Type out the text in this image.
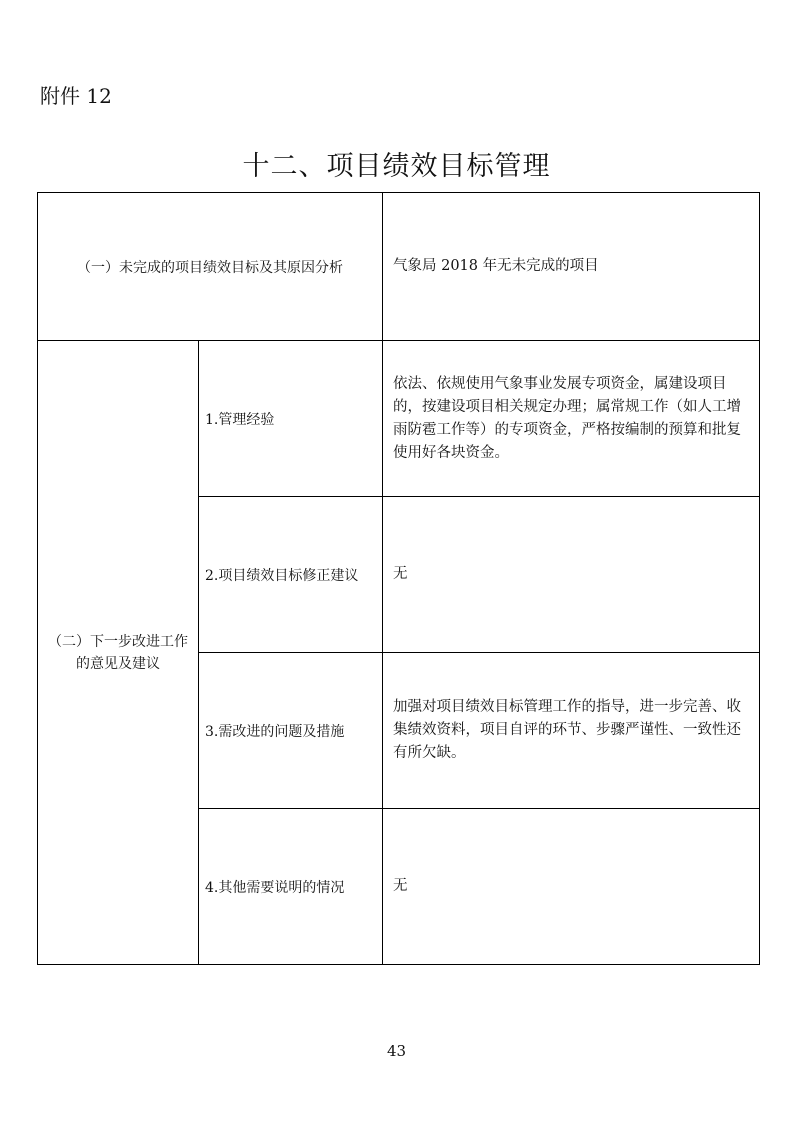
附件 12
十二、项目绩效目标管理
（一）未完成的项目绩效目标及其原因分析		气象局 2018 年无未完成的项目

（二）下一步改进工作
的意见及建议	1.管理经验	依法、依规使用气象事业发展专项资金，属建设项目的，按建设项目相关规定办理；属常规工作（如人工增雨防雹工作等）的专项资金，严格按编制的预算和批复使用好各块资金。
	2.项目绩效目标修正建议	无
	3.需改进的问题及措施	加强对项目绩效目标管理工作的指导，进一步完善、收集绩效资料，项目自评的环节、步骤严谨性、一致性还有所欠缺。
	4.其他需要说明的情况	无
43
